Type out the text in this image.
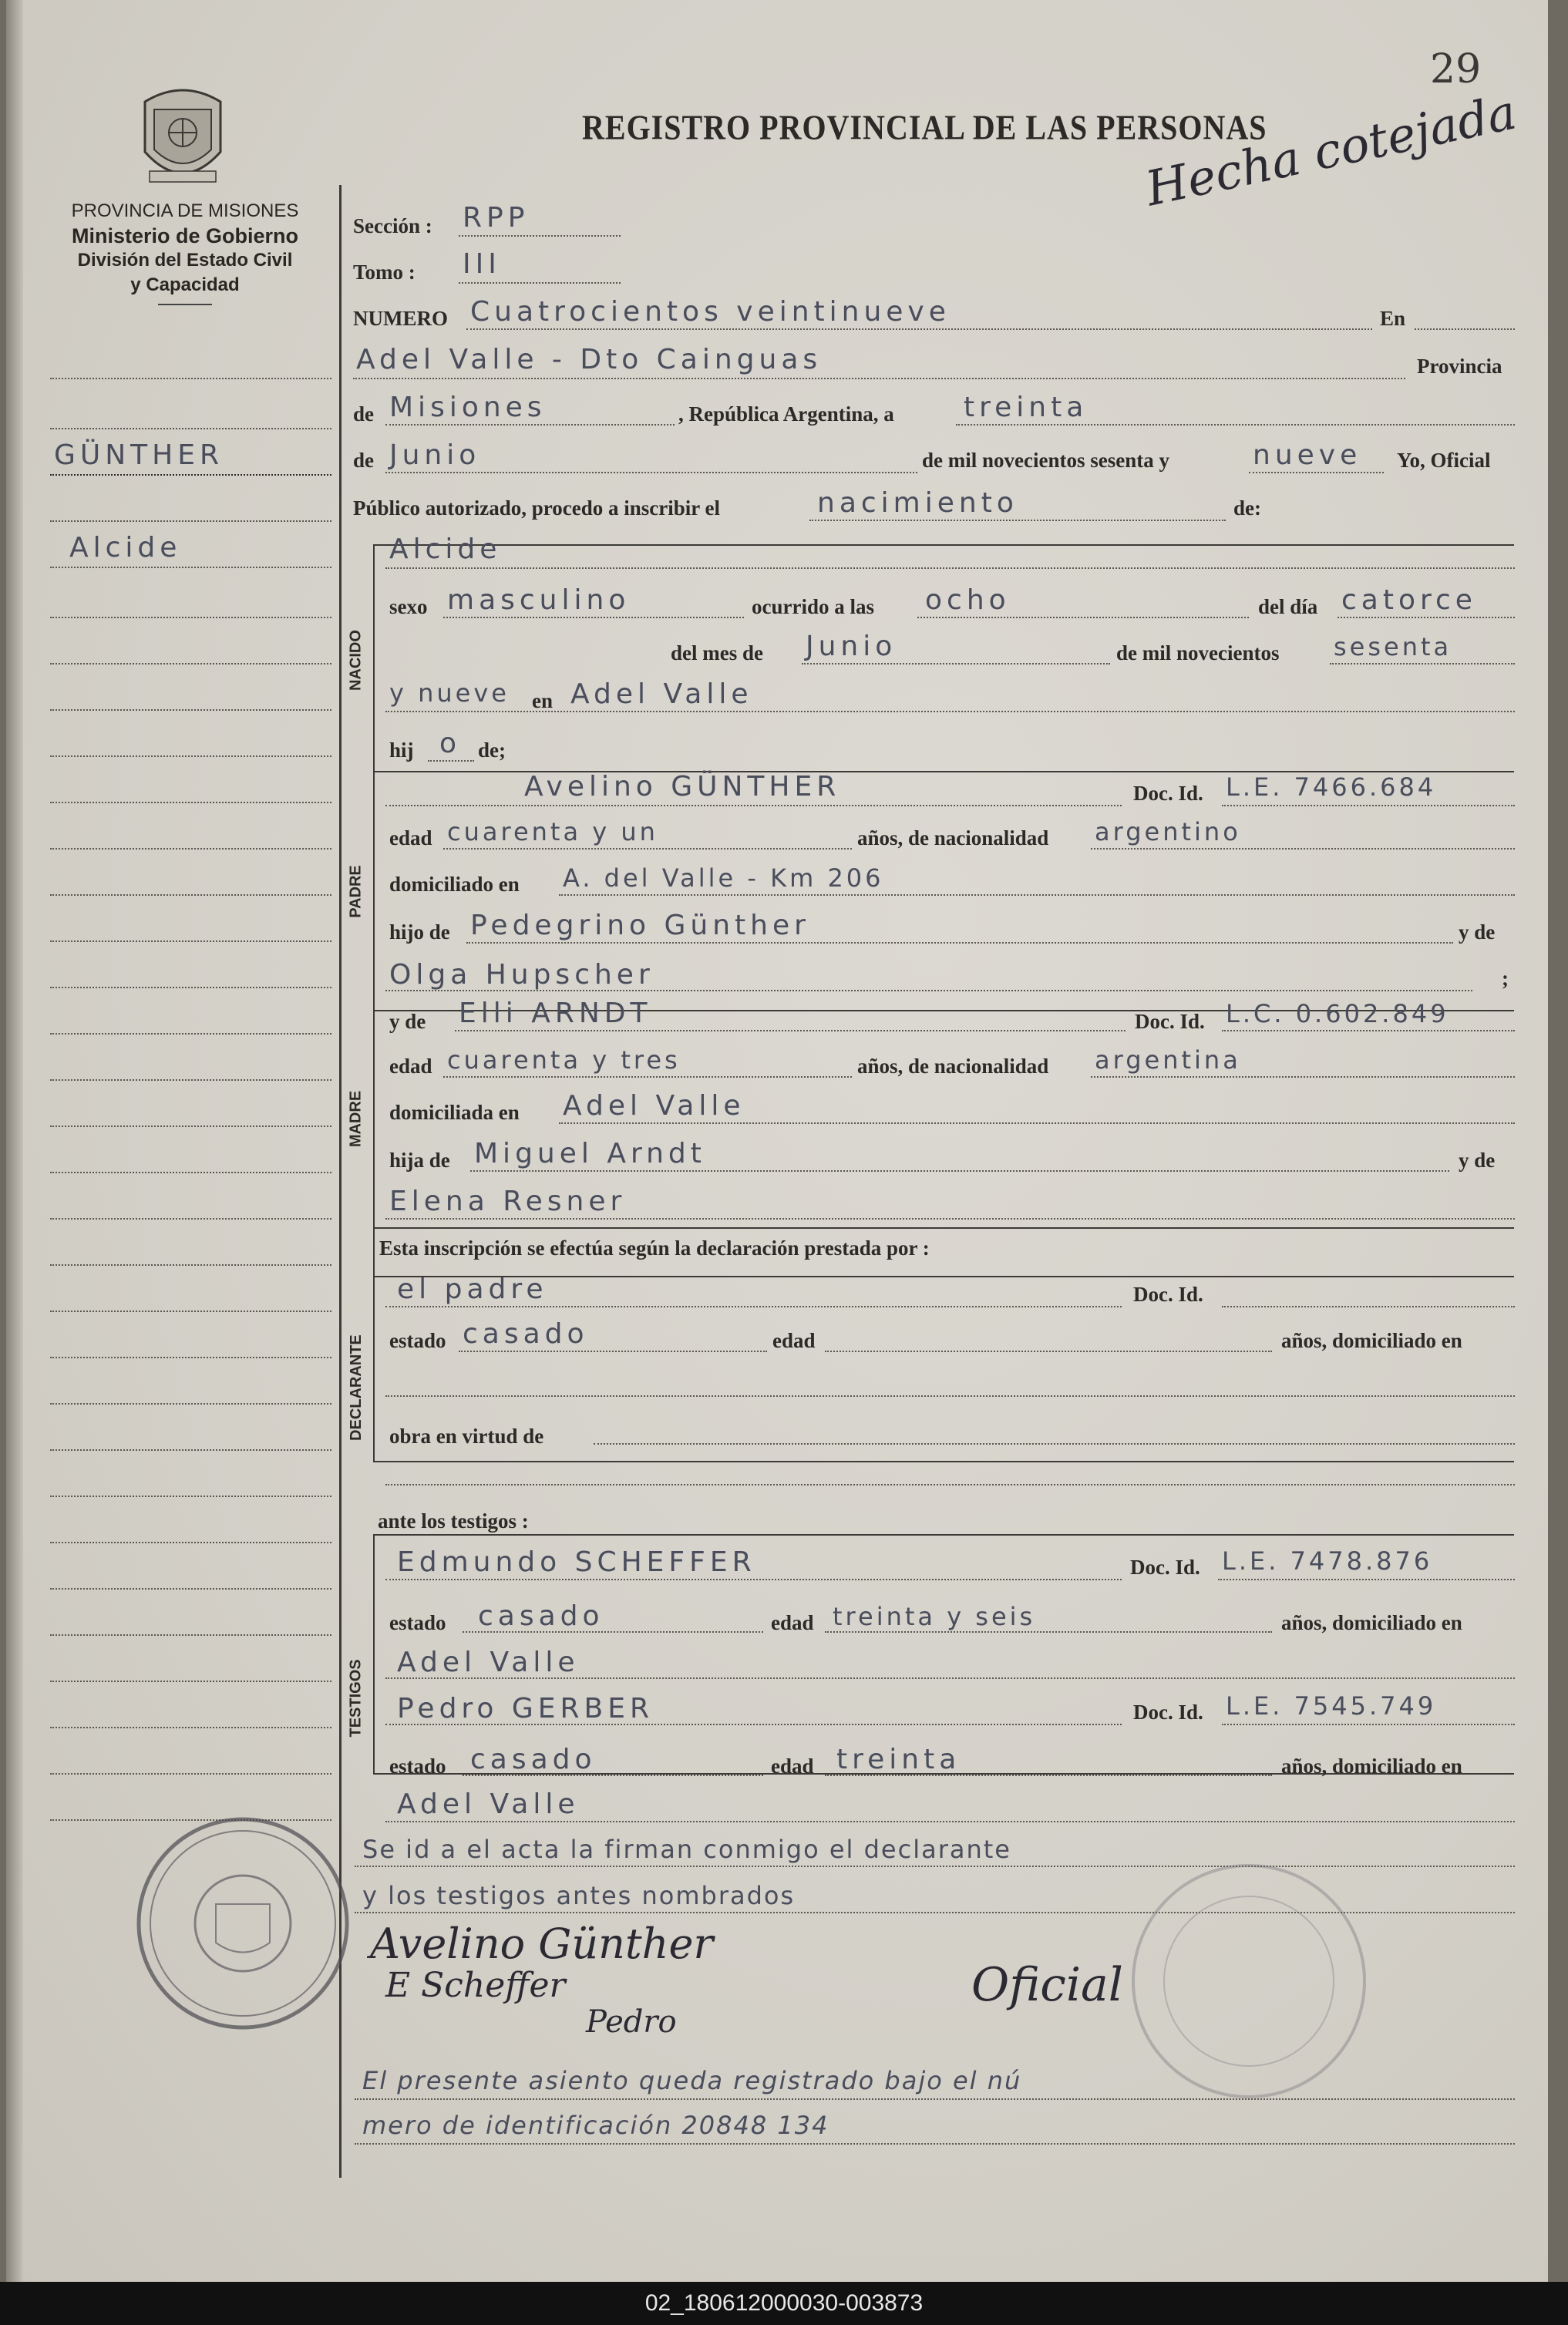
29
REGISTRO PROVINCIAL DE LAS PERSONAS
PROVINCIA DE MISIONES
Ministerio de Gobierno
División del Estado Civil
y Capacidad
GÜNTHER
Alcide
Sección : RPP
Tomo : III
NUMERO Cuatrocientos veintinueve	En
Adel Valle - Dto Cainguas	Provincia
de Misiones	, República Argentina, a	treinta
de Junio	de mil novecientos sesenta y	nueve Yo, Oficial
Público autorizado, procedo a inscribir el	nacimiento	de:
NACIDO
Alcide
sexo masculino	ocurrido a las ocho	del día catorce
del mes de Junio	de mil novecientos sesenta
y nueve en Adel Valle
hij o de;
PADRE
Avelino GÜNTHER	Doc. Id. L.E. 7466.684
edad cuarenta y un	años, de nacionalidad argentino
domiciliado en A. del Valle - Km 206
hijo de Pedegrino Günther	y de
Olga Hupscher	;
MADRE
y de Elli ARNDT	Doc. Id. L.C. 0.602.849
edad cuarenta y tres	años, de nacionalidad argentina
domiciliada en Adel Valle
hija de Miguel Arndt	y de
Elena Resner
Esta inscripción se efectúa según la declaración prestada por :
DECLARANTE
el padre	Doc. Id.
estado casado	edad	años, domiciliado en
obra en virtud de
ante los testigos :
TESTIGOS
Edmundo SCHEFFER	Doc. Id. L.E. 7478.876
estado casado	edad treinta y seis	años, domiciliado en
Adel Valle
Pedro GERBER	Doc. Id. L.E. 7545.749
estado casado	edad treinta	años, domiciliado en
Adel Valle
Se id a el acta la firman conmigo el declarante
y los testigos antes nombrados
Avelino Günther
E Scheffer
Pedro
Oficial
Hecha cotejada
El presente asiento queda registrado bajo el nú
mero de identificación 20848 134
02_180612000030-003873
